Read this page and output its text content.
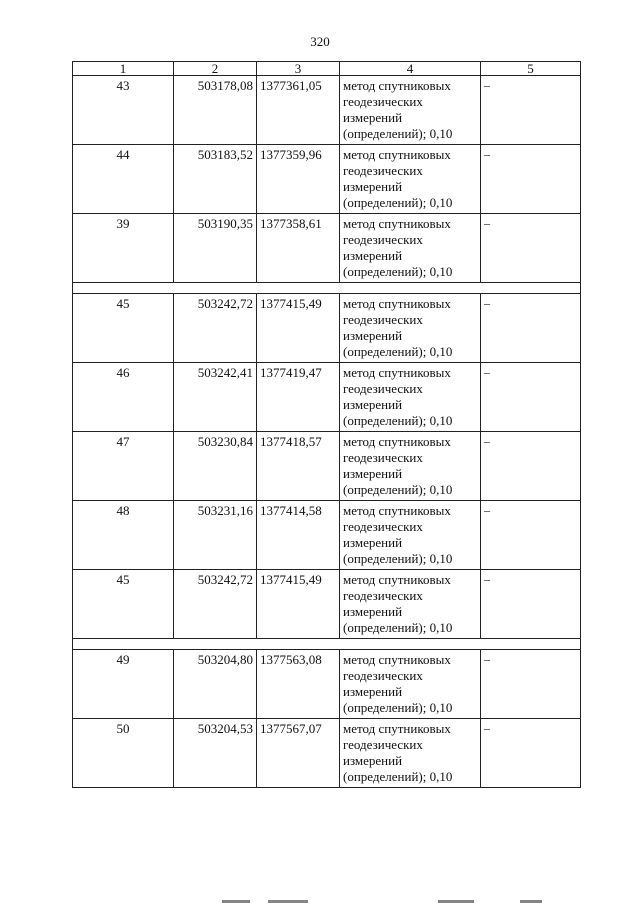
320
1	2	3	4	5
43	503178,08	1377361,05	метод спутниковых
геодезических
измерений
(определений); 0,10	–
44	503183,52	1377359,96	метод спутниковых
геодезических
измерений
(определений); 0,10	–
39	503190,35	1377358,61	метод спутниковых
геодезических
измерений
(определений); 0,10	–

45	503242,72	1377415,49	метод спутниковых
геодезических
измерений
(определений); 0,10	–
46	503242,41	1377419,47	метод спутниковых
геодезических
измерений
(определений); 0,10	–
47	503230,84	1377418,57	метод спутниковых
геодезических
измерений
(определений); 0,10	–
48	503231,16	1377414,58	метод спутниковых
геодезических
измерений
(определений); 0,10	–
45	503242,72	1377415,49	метод спутниковых
геодезических
измерений
(определений); 0,10	–

49	503204,80	1377563,08	метод спутниковых
геодезических
измерений
(определений); 0,10	–
50	503204,53	1377567,07	метод спутниковых
геодезических
измерений
(определений); 0,10	–
